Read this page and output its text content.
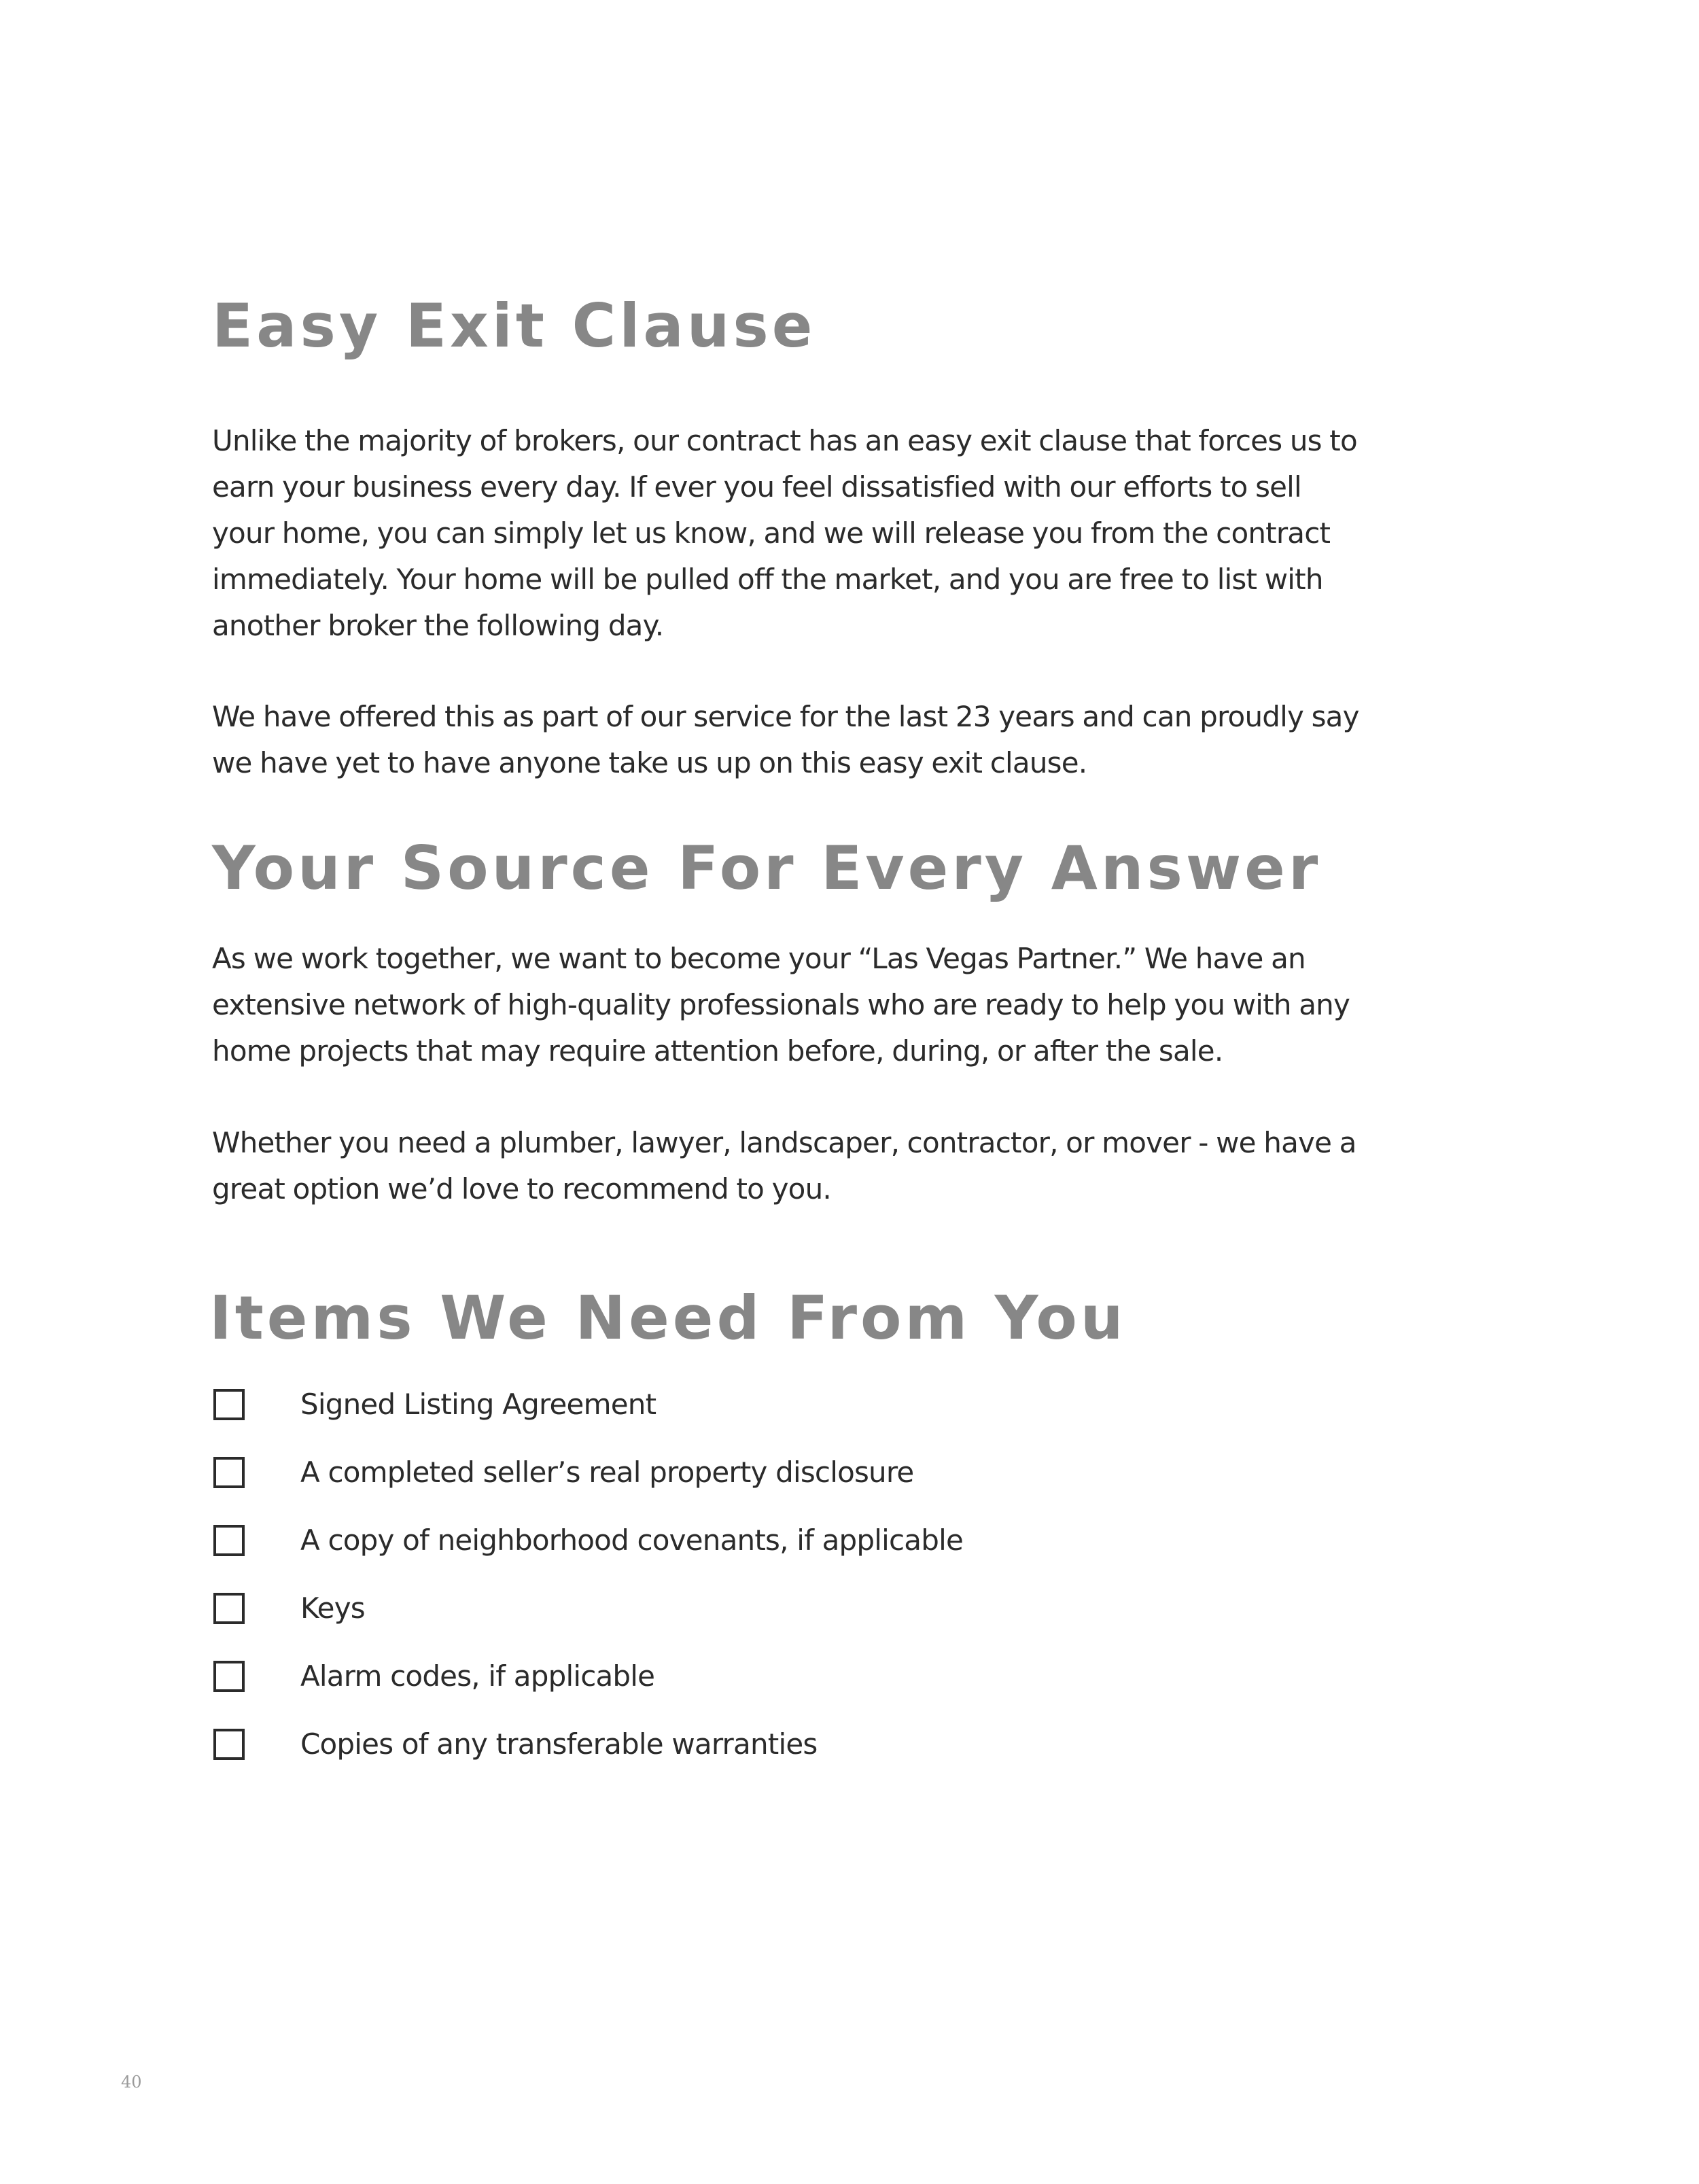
Easy Exit Clause

Unlike the majority of brokers, our contract has an easy exit clause that forces us to earn your business every day. If ever you feel dissatisfied with our efforts to sell your home, you can simply let us know, and we will release you from the contract immediately. Your home will be pulled off the market, and you are free to list with another broker the following day.

We have offered this as part of our service for the last 23 years and can proudly say we have yet to have anyone take us up on this easy exit clause.

Your Source For Every Answer

As we work together, we want to become your “Las Vegas Partner.” We have an extensive network of high-quality professionals who are ready to help you with any home projects that may require attention before, during, or after the sale.

Whether you need a plumber, lawyer, landscaper, contractor, or mover - we have a great option we’d love to recommend to you.

Items We Need From You
Signed Listing Agreement
A completed seller’s real property disclosure
A copy of neighborhood covenants, if applicable
Keys
Alarm codes, if applicable
Copies of any transferable warranties
40
